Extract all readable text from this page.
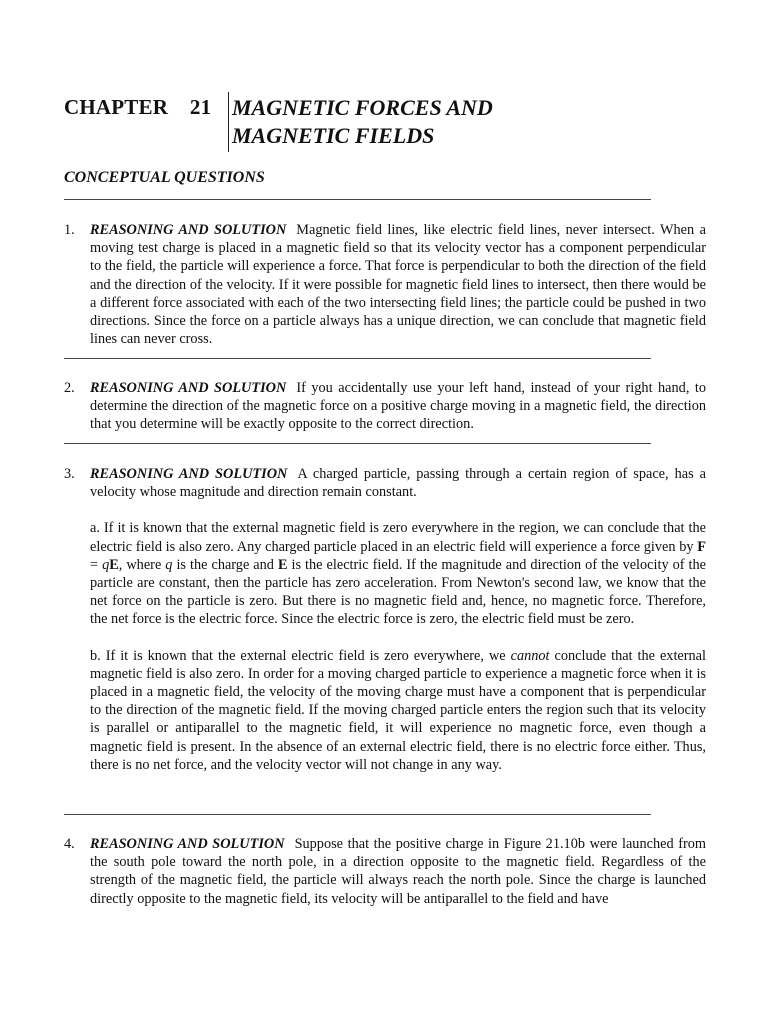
CHAPTER 21 MAGNETIC FORCES AND
MAGNETIC FIELDS
CONCEPTUAL QUESTIONS
1. REASONING AND SOLUTION Magnetic field lines, like electric field lines, never intersect. When a moving test charge is placed in a magnetic field so that its velocity vector has a component perpendicular to the field, the particle will experience a force. That force is perpendicular to both the direction of the field and the direction of the velocity. If it were possible for magnetic field lines to intersect, then there would be a different force associated with each of the two intersecting field lines; the particle could be pushed in two directions. Since the force on a particle always has a unique direction, we can conclude that magnetic field lines can never cross.
2. REASONING AND SOLUTION If you accidentally use your left hand, instead of your right hand, to determine the direction of the magnetic force on a positive charge moving in a magnetic field, the direction that you determine will be exactly opposite to the correct direction.
3. REASONING AND SOLUTION A charged particle, passing through a certain region of space, has a velocity whose magnitude and direction remain constant.
a. If it is known that the external magnetic field is zero everywhere in the region, we can conclude that the electric field is also zero. Any charged particle placed in an electric field will experience a force given by F = qE, where q is the charge and E is the electric field. If the magnitude and direction of the velocity of the particle are constant, then the particle has zero acceleration. From Newton's second law, we know that the net force on the particle is zero. But there is no magnetic field and, hence, no magnetic force. Therefore, the net force is the electric force. Since the electric force is zero, the electric field must be zero.
b. If it is known that the external electric field is zero everywhere, we cannot conclude that the external magnetic field is also zero. In order for a moving charged particle to experience a magnetic force when it is placed in a magnetic field, the velocity of the moving charge must have a component that is perpendicular to the direction of the magnetic field. If the moving charged particle enters the region such that its velocity is parallel or antiparallel to the magnetic field, it will experience no magnetic force, even though a magnetic field is present. In the absence of an external electric field, there is no electric force either. Thus, there is no net force, and the velocity vector will not change in any way.
4. REASONING AND SOLUTION Suppose that the positive charge in Figure 21.10b were launched from the south pole toward the north pole, in a direction opposite to the magnetic field. Regardless of the strength of the magnetic field, the particle will always reach the north pole. Since the charge is launched directly opposite to the magnetic field, its velocity will be antiparallel to the field and have
